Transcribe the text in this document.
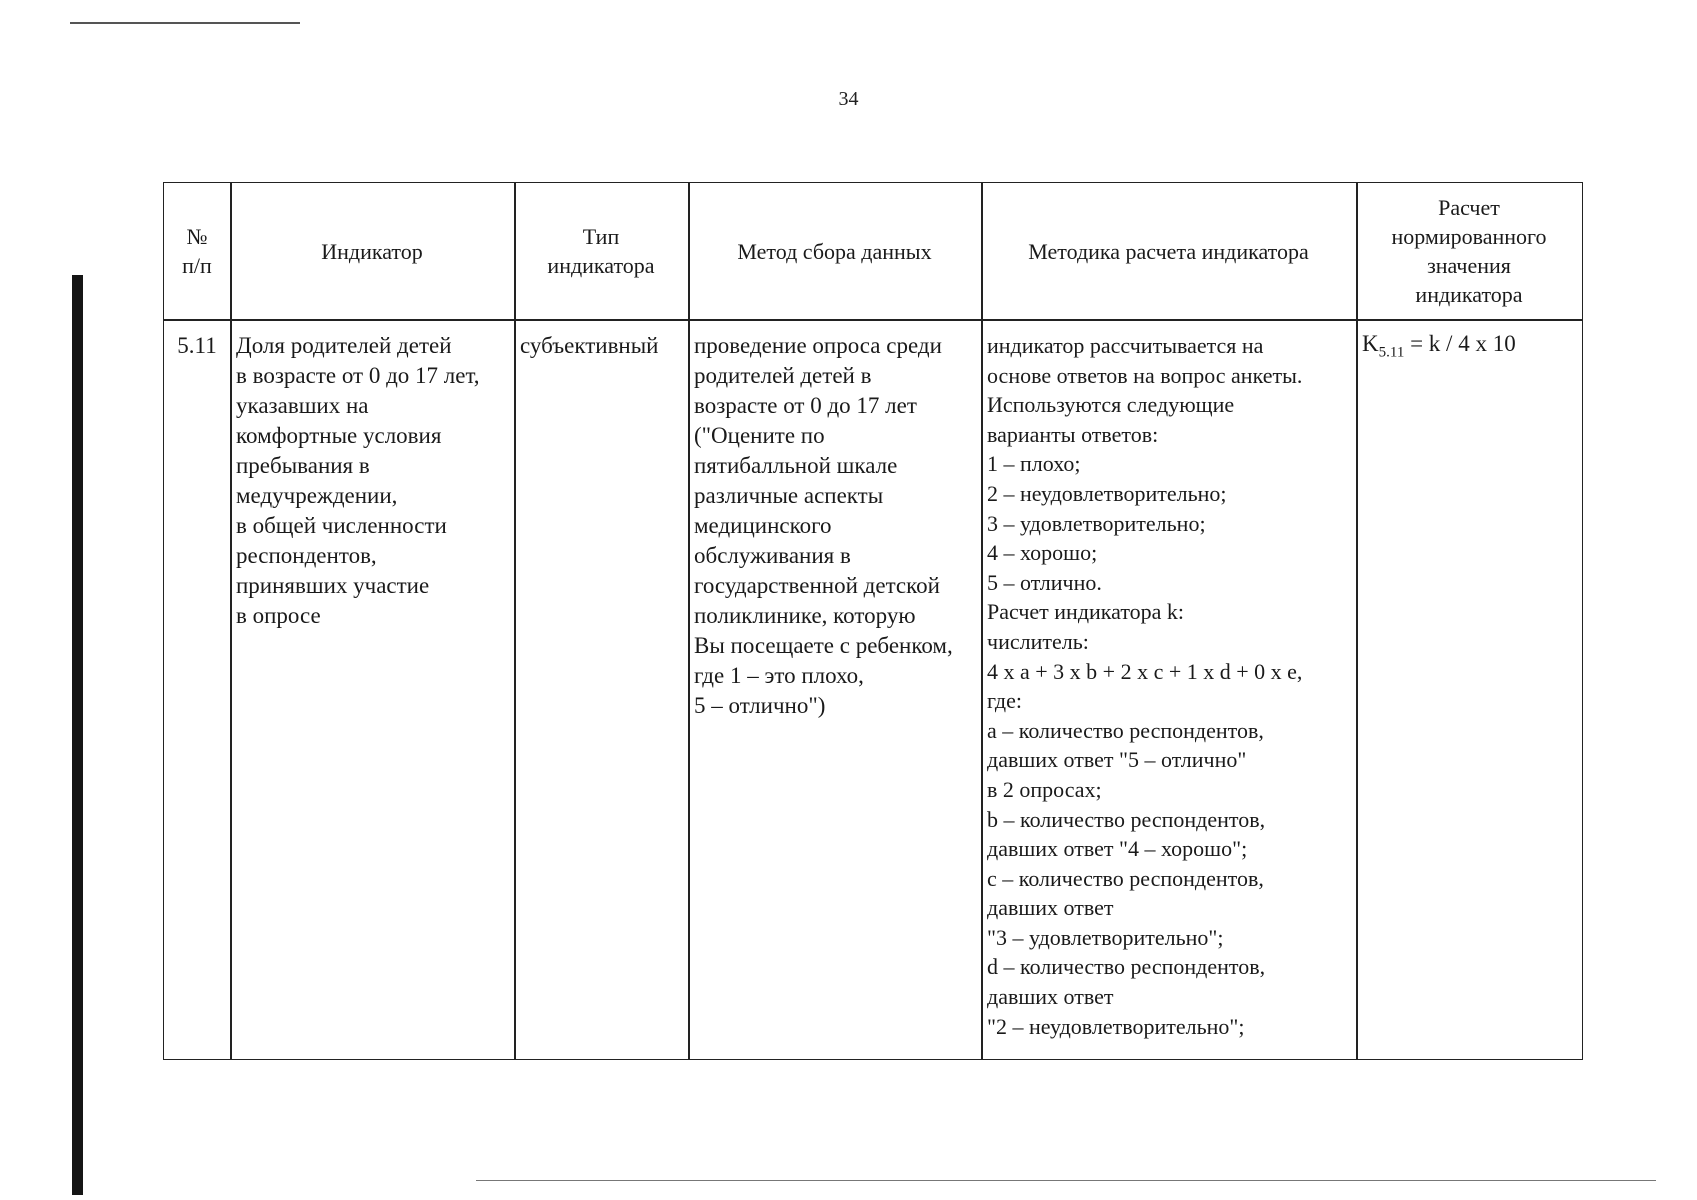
34
№
п/п
Индикатор
Тип
индикатора
Метод сбора данных	Методика расчета индикатора
Расчет
нормированного
значения
индикатора
5.11 Доля родителей детей
в возрасте от 0 до 17 лет,
указавших на
комфортные условия
пребывания в
медучреждении,
в общей численности
респондентов,
принявших участие
в опросе
субъективный	проведение опроса среди
родителей детей в
возрасте от 0 до 17 лет
("Оцените по
пятибалльной шкале
различные аспекты
медицинского
обслуживания в
государственной детской
поликлинике, которую
Вы посещаете с ребенком,
где 1 – это плохо,
5 – отлично")
индикатор рассчитывается на
основе ответов на вопрос анкеты.
Используются следующие
варианты ответов:
1 – плохо;
2 – неудовлетворительно;
3 – удовлетворительно;
4 – хорошо;
5 – отлично.
Расчет индикатора k:
числитель:
4 x a + 3 x b + 2 x c + 1 x d + 0 x e,
где:
a – количество респондентов,
давших ответ "5 – отлично"
в 2 опросах;
b – количество респондентов,
давших ответ "4 – хорошо";
c – количество респондентов,
давших ответ
"3 – удовлетворительно";
d – количество респондентов,
давших ответ
"2 – неудовлетворительно";
$K_{5.11} = k / 4$ x 10
